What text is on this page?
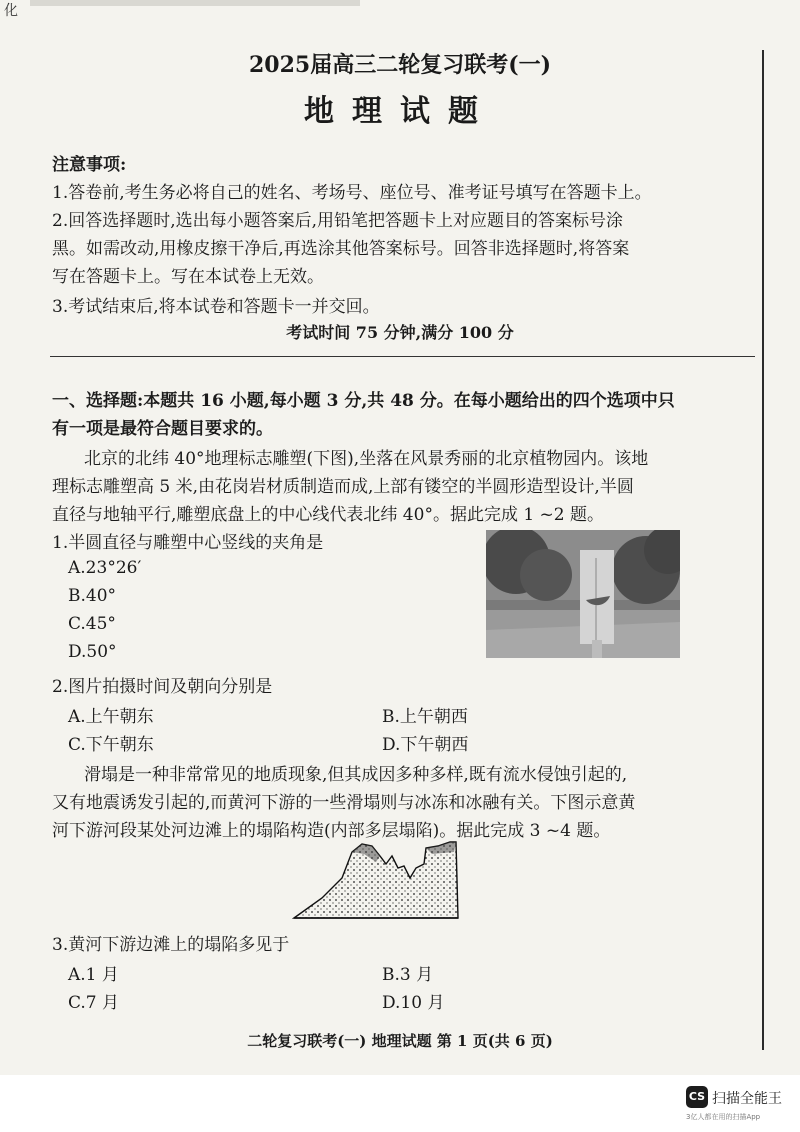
化
2025届高三二轮复习联考(一)
地理试题
注意事项:
1.答卷前,考生务必将自己的姓名、考场号、座位号、准考证号填写在答题卡上。
2.回答选择题时,选出每小题答案后,用铅笔把答题卡上对应题目的答案标号涂
黑。如需改动,用橡皮擦干净后,再选涂其他答案标号。回答非选择题时,将答案
写在答题卡上。写在本试卷上无效。
3.考试结束后,将本试卷和答题卡一并交回。
考试时间 75 分钟,满分 100 分
一、选择题:本题共 16 小题,每小题 3 分,共 48 分。在每小题给出的四个选项中只
有一项是最符合题目要求的。
北京的北纬 40°地理标志雕塑(下图),坐落在风景秀丽的北京植物园内。该地
理标志雕塑高 5 米,由花岗岩材质制造而成,上部有镂空的半圆形造型设计,半圆
直径与地轴平行,雕塑底盘上的中心线代表北纬 40°。据此完成 1 ~2 题。
1.半圆直径与雕塑中心竖线的夹角是
A.23°26′
B.40°
C.45°
D.50°
2.图片拍摄时间及朝向分别是
A.上午朝东	B.上午朝西
C.下午朝东	D.下午朝西
滑塌是一种非常常见的地质现象,但其成因多种多样,既有流水侵蚀引起的,
又有地震诱发引起的,而黄河下游的一些滑塌则与冰冻和冰融有关。下图示意黄
河下游河段某处河边滩上的塌陷构造(内部多层塌陷)。据此完成 3 ~4 题。
3.黄河下游边滩上的塌陷多见于
A.1 月	B.3 月
C.7 月	D.10 月
二轮复习联考(一) 地理试题 第 1 页(共 6 页)
CS 扫描全能王
3亿人都在用的扫描App
